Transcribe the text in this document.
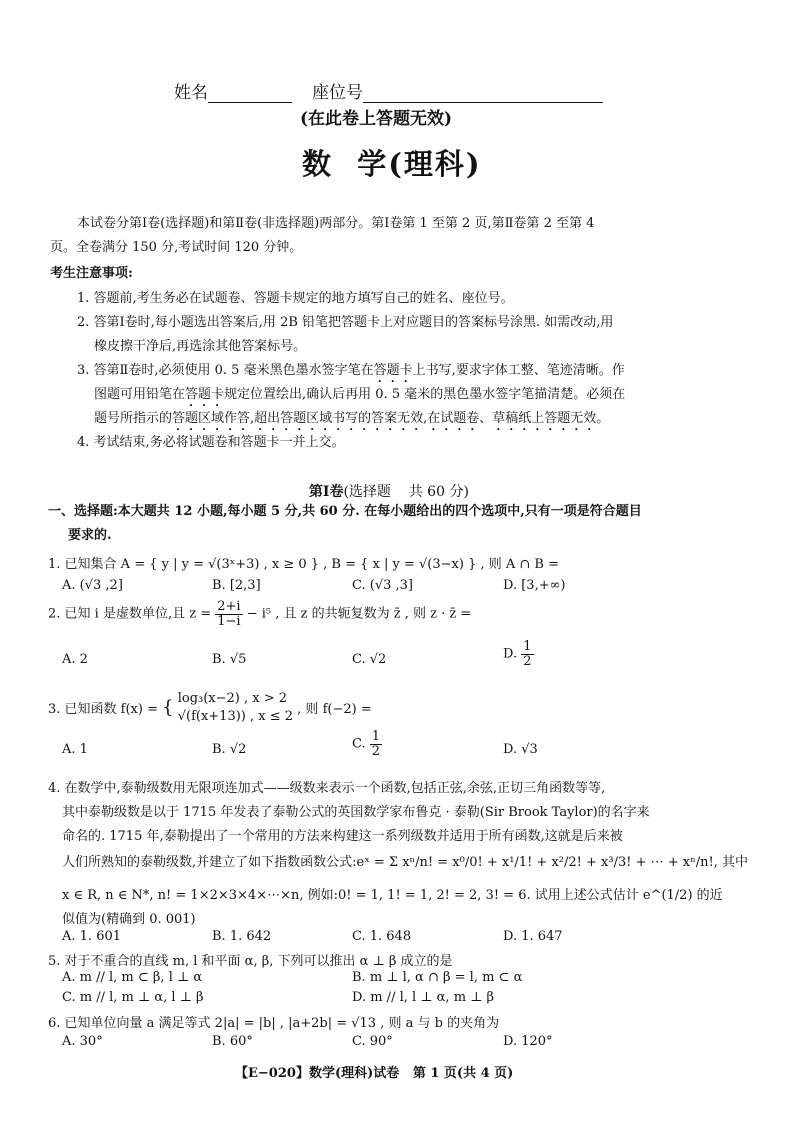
姓名	座位号
(在此卷上答题无效)
数  学(理科)
本试卷分第Ⅰ卷(选择题)和第Ⅱ卷(非选择题)两部分。第Ⅰ卷第 1 至第 2 页,第Ⅱ卷第 2 至第 4
页。全卷满分 150 分,考试时间 120 分钟。
考生注意事项:
1. 答题前,考生务必在试题卷、答题卡规定的地方填写自己的姓名、座位号。
2. 答第Ⅰ卷时,每小题选出答案后,用 2B 铅笔把答题卡上对应题目的答案标号涂黑. 如需改动,用
橡皮擦干净后,再选涂其他答案标号。
3. 答第Ⅱ卷时,必须使用 0. 5 毫米黑色墨水签字笔在答题卡上书写,要求字体工整、笔迹清晰。作
图题可用铅笔在答题卡规定位置绘出,确认后再用 0. 5 毫米的黑色墨水签字笔描清楚。必须在
题号所指示的答题区域作答,超出答题区域书写的答案无效,在试题卷、草稿纸上答题无效。
4. 考试结束,务必将试题卷和答题卡一并上交。

第Ⅰ卷(选择题    共 60 分)

一、选择题:本大题共 12 小题,每小题 5 分,共 60 分. 在每小题给出的四个选项中,只有一项是符合题目
要求的.
1. 已知集合 A = { y | y = √(3ˣ+3) , x ≥ 0 } , B = { x | y = √(3−x) } , 则 A ∩ B =
A. (√3 ,2]	B. [2,3]	C. (√3 ,3]	D. [3,+∞)
2. 已知 i 是虚数单位,且 $z = \frac{2+i}{1-i} - i^5$ , 且 z 的共轭复数为 z̄ , 则 z · z̄ =
A. 2	B. √5	C. √2	D. $\frac{1}{2}$
3. 已知函数 f(x) = { log₃(x−2) , x > 2
√(f(x+13)) , x ≤ 2 , 则 f(−2) =
A. 1	B. √2	C. $\frac{1}{2}$	D. √3
4. 在数学中,泰勒级数用无限项连加式——级数来表示一个函数,包括正弦,余弦,正切三角函数等等,
其中泰勒级数是以于 1715 年发表了泰勒公式的英国数学家布鲁克 · 泰勒(Sir Brook Taylor)的名字来
命名的. 1715 年,泰勒提出了一个常用的方法来构建这一系列级数并适用于所有函数,这就是后来被
人们所熟知的泰勒级数,并建立了如下指数函数公式:eˣ = Σ xⁿ/n! = x⁰/0! + x¹/1! + x²/2! + x³/3! + ⋯ + xⁿ/n!, 其中
x ∈ R, n ∈ N*, n! = 1×2×3×4×⋯×n, 例如:0! = 1, 1! = 1, 2! = 2, 3! = 6. 试用上述公式估计 e^(1/2) 的近
似值为(精确到 0. 001)
A. 1. 601	B. 1. 642	C. 1. 648	D. 1. 647
5. 对于不重合的直线 m, l 和平面 α, β, 下列可以推出 α ⊥ β 成立的是
A. m // l, m ⊂ β, l ⊥ α	B. m ⊥ l, α ∩ β = l, m ⊂ α
C. m // l, m ⊥ α, l ⊥ β	D. m // l, l ⊥ α, m ⊥ β
6. 已知单位向量 a 满足等式 2|a| = |b| , |a+2b| = √13 , 则 a 与 b 的夹角为
A. 30°	B. 60°	C. 90°	D. 120°
【E−020】数学(理科)试卷   第 1 页(共 4 页)
